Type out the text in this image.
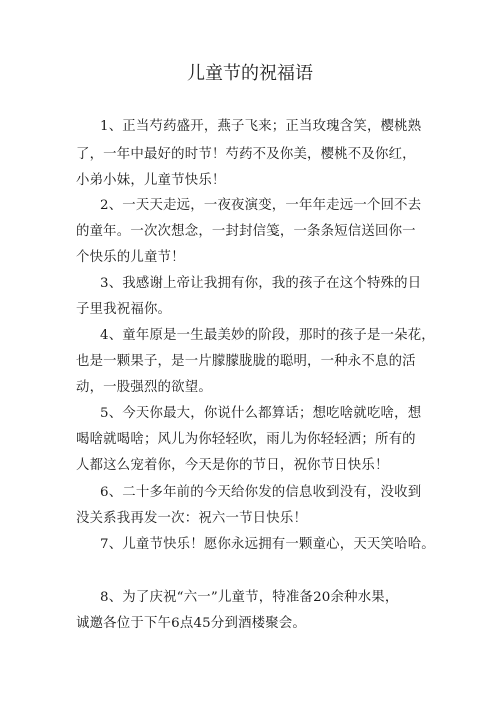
儿童节的祝福语
1、正当芍药盛开，燕子飞来；正当玫瑰含笑，樱桃熟
了，一年中最好的时节！芍药不及你美，樱桃不及你红，
小弟小妹，儿童节快乐！
2、一天天走远，一夜夜演变，一年年走远一个回不去
的童年。一次次想念，一封封信笺，一条条短信送回你一
个快乐的儿童节！
3、我感谢上帝让我拥有你，我的孩子在这个特殊的日
子里我祝福你。
4、童年原是一生最美妙的阶段，那时的孩子是一朵花，
也是一颗果子，是一片朦朦胧胧的聪明，一种永不息的活
动，一股强烈的欲望。
5、今天你最大，你说什么都算话；想吃啥就吃啥，想
喝啥就喝啥；风儿为你轻轻吹，雨儿为你轻轻洒；所有的
人都这么宠着你，今天是你的节日，祝你节日快乐！
6、二十多年前的今天给你发的信息收到没有，没收到
没关系我再发一次：祝六一节日快乐！
7、儿童节快乐！愿你永远拥有一颗童心，天天笑哈哈。
8、为了庆祝“六一”儿童节，特准备20余种水果，
诚邀各位于下午6点45分到酒楼聚会。
